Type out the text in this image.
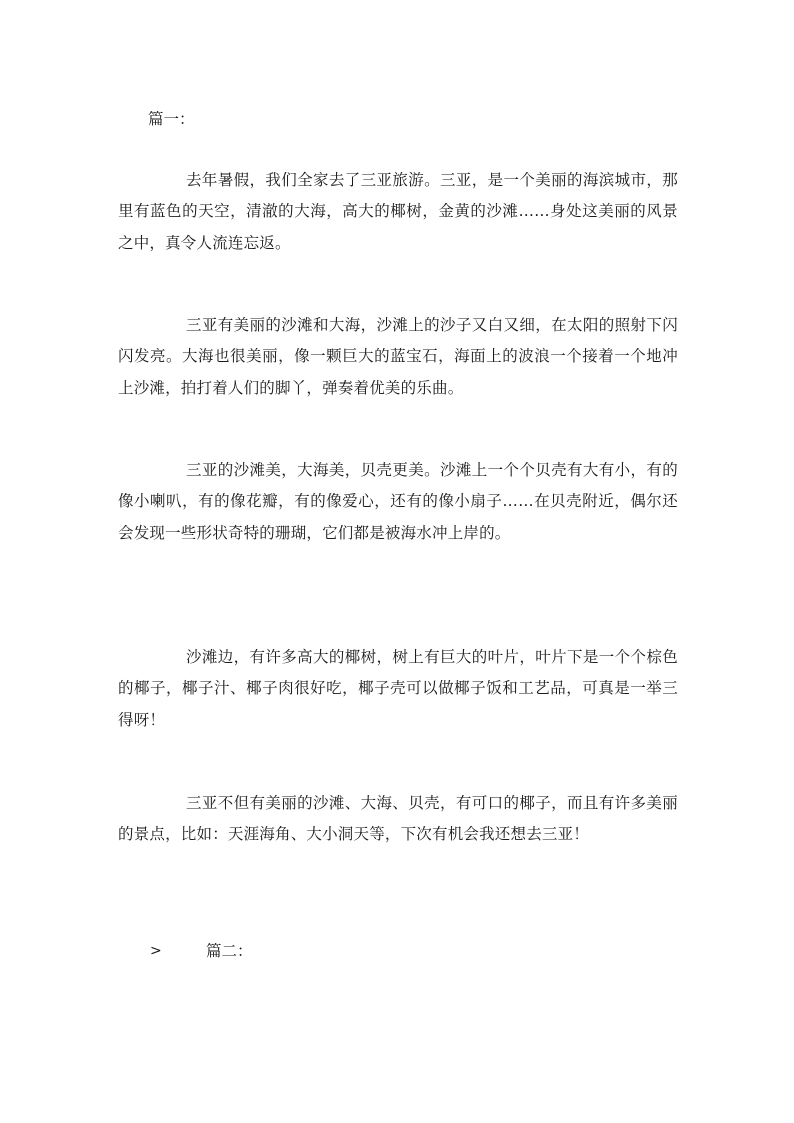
篇一：

去年暑假，我们全家去了三亚旅游。三亚，是一个美丽的海滨城市，那里有蓝色的天空，清澈的大海，高大的椰树，金黄的沙滩……身处这美丽的风景之中，真令人流连忘返。

三亚有美丽的沙滩和大海，沙滩上的沙子又白又细，在太阳的照射下闪闪发亮。大海也很美丽，像一颗巨大的蓝宝石，海面上的波浪一个接着一个地冲上沙滩，拍打着人们的脚丫，弹奏着优美的乐曲。

三亚的沙滩美，大海美，贝壳更美。沙滩上一个个贝壳有大有小，有的像小喇叭，有的像花瓣，有的像爱心，还有的像小扇子……在贝壳附近，偶尔还会发现一些形状奇特的珊瑚，它们都是被海水冲上岸的。

沙滩边，有许多高大的椰树，树上有巨大的叶片，叶片下是一个个棕色的椰子，椰子汁、椰子肉很好吃，椰子壳可以做椰子饭和工艺品，可真是一举三得呀！

三亚不但有美丽的沙滩、大海、贝壳，有可口的椰子，而且有许多美丽的景点，比如：天涯海角、大小洞天等，下次有机会我还想去三亚！

>	篇二：
